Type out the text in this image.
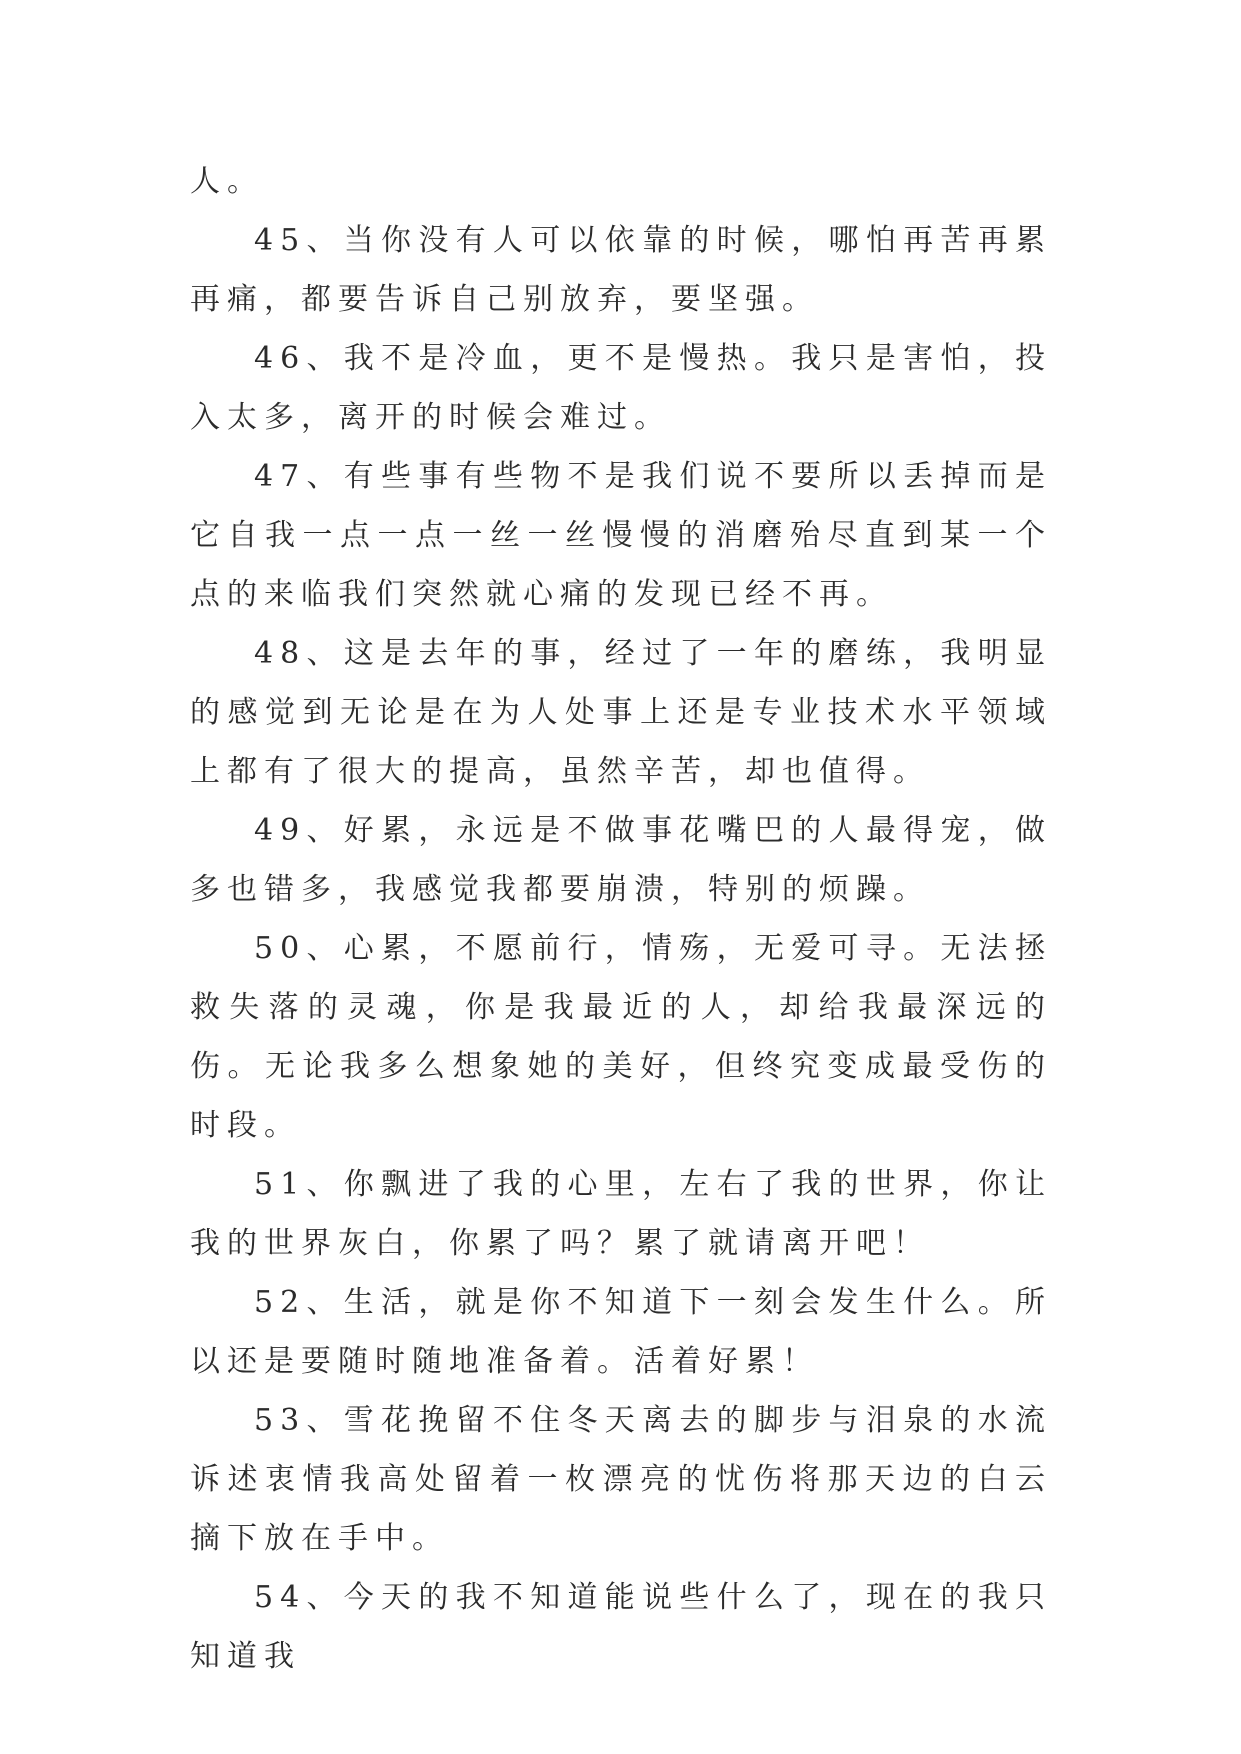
人。

45、当你没有人可以依靠的时候，哪怕再苦再累再痛，都要告诉自己别放弃，要坚强。

46、我不是冷血，更不是慢热。我只是害怕，投入太多，离开的时候会难过。

47、有些事有些物不是我们说不要所以丢掉而是它自我一点一点一丝一丝慢慢的消磨殆尽直到某一个点的来临我们突然就心痛的发现已经不再。

48、这是去年的事，经过了一年的磨练，我明显的感觉到无论是在为人处事上还是专业技术水平领域上都有了很大的提高，虽然辛苦，却也值得。

49、好累，永远是不做事花嘴巴的人最得宠，做多也错多，我感觉我都要崩溃，特别的烦躁。

50、心累，不愿前行，情殇，无爱可寻。无法拯救失落的灵魂，你是我最近的人，却给我最深远的伤。无论我多么想象她的美好，但终究变成最受伤的时段。

51、你飘进了我的心里，左右了我的世界，你让我的世界灰白，你累了吗？累了就请离开吧！

52、生活，就是你不知道下一刻会发生什么。所以还是要随时随地准备着。活着好累！

53、雪花挽留不住冬天离去的脚步与泪泉的水流诉述衷情我高处留着一枚漂亮的忧伤将那天边的白云摘下放在手中。

54、今天的我不知道能说些什么了，现在的我只知道我
